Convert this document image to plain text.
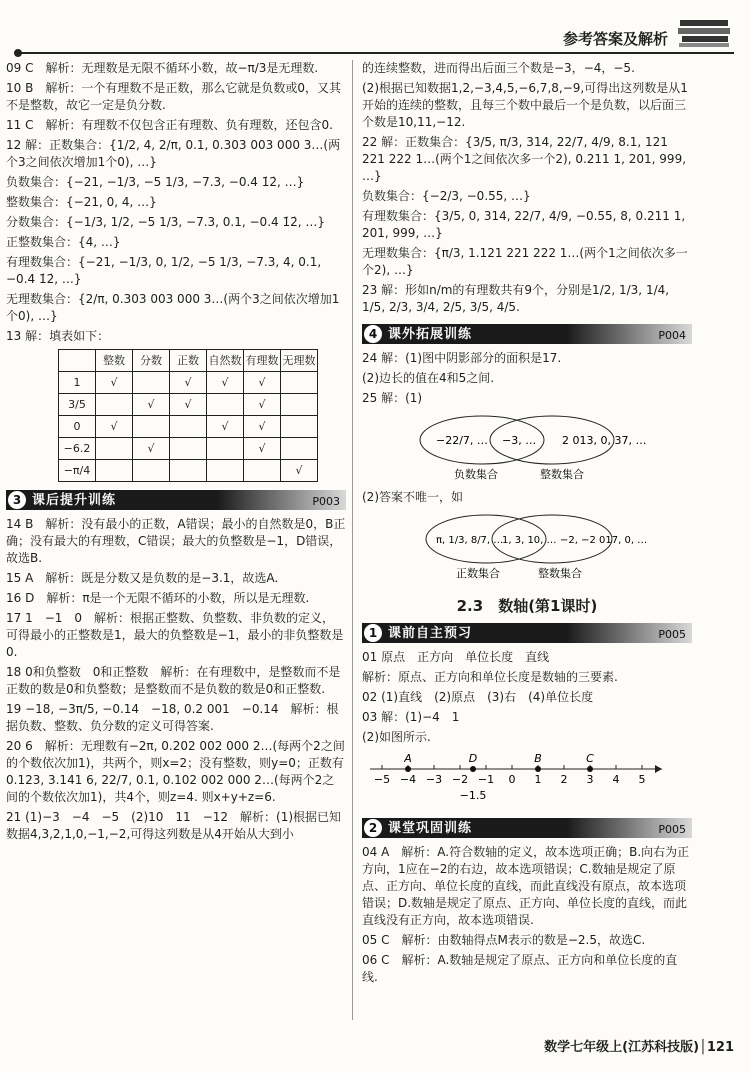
参考答案及解析

09 C　解析：无理数是无限不循环小数，故−π/3是无理数.

10 B　解析：一个有理数不是正数，那么它就是负数或0，又其不是整数，故它一定是负分数.

11 C　解析：有理数不仅包含正有理数、负有理数，还包含0.

12 解：正数集合：{1/2, 4, 2/π, 0.1, 0.303 003 000 3…(两个3之间依次增加1个0), …}

负数集合：{−21, −1/3, −5 1/3, −7.3, −0.4 1̇2̇, …}

整数集合：{−21, 0, 4, …}

分数集合：{−1/3, 1/2, −5 1/3, −7.3, 0.1, −0.4 1̇2̇, …}

正整数集合：{4, …}

有理数集合：{−21, −1/3, 0, 1/2, −5 1/3, −7.3, 4, 0.1, −0.4 1̇2̇, …}

无理数集合：{2/π, 0.303 003 000 3…(两个3之间依次增加1个0), …}

13 解：填表如下：

	整数	分数	正数	自然数	有理数	无理数
1	√		√	√	√	
3/5		√	√		√	
0	√			√	√	
−6.2		√			√	
−π/4						√
3 课后提升训练	P003

14 B　解析：没有最小的正数，A错误；最小的自然数是0，B正确；没有最大的有理数，C错误；最大的负整数是−1，D错误，故选B.

15 A　解析：既是分数又是负数的是−3.1，故选A.

16 D　解析：π是一个无限不循环的小数，所以是无理数.

17 1　−1　0　解析：根据正整数、负整数、非负数的定义，可得最小的正整数是1，最大的负整数是−1，最小的非负整数是0.

18 0和负整数　0和正整数　解析：在有理数中，是整数而不是正数的数是0和负整数；是整数而不是负数的数是0和正整数.

19 −18, −3π/5, −0.14　−18, 0.2 001　−0.14　解析：根据负数、整数、负分数的定义可得答案.

20 6　解析：无理数有−2π, 0.202 002 000 2…(每两个2之间的个数依次加1)，共两个，则x=2；没有整数，则y=0；正数有0.123, 3.141 6, 22/7, 0.1, 0.102 002 000 2…(每两个2之间的个数依次加1)，共4个，则z=4. 则x+y+z=6.

21 (1)−3　−4　−5　(2)10　11　−12　解析：(1)根据已知数据4,3,2,1,0,−1,−2,可得这列数是从4开始从大到小

的连续整数，进而得出后面三个数是−3，−4，−5.

(2)根据已知数据1,2,−3,4,5,−6,7,8,−9,可得出这列数是从1开始的连续的整数，且每三个数中最后一个是负数，以后面三个数是10,11,−12.

22 解：正数集合：{3/5, π/3, 314, 22/7, 4/9, 8.1, 121 221 222 1…(两个1之间依次多一个2), 0.211 1, 201, 999, …}

负数集合：{−2/3, −0.55, …}

有理数集合：{3/5, 0, 314, 22/7, 4/9, −0.55, 8, 0.211 1, 201, 999, …}

无理数集合：{π/3, 1.121 221 222 1…(两个1之间依次多一个2), …}

23 解：形如n/m的有理数共有9个，分别是1/2, 1/3, 1/4, 1/5, 2/3, 3/4, 2/5, 3/5, 4/5.

4 课外拓展训练	P004

24 解：(1)图中阴影部分的面积是17.

(2)边长的值在4和5之间.

25 解：(1)

−22/7, … −3, … 2 013, 0, 37, …
负数集合	整数集合

(2)答案不唯一，如

π, 1/3, 8/7, …
1, 3, 10, … −2, −2 017, 0, …
正数集合	整数集合
2.3　数轴(第1课时)
1 课前自主预习	P005

01 原点　正方向　单位长度　直线

解析：原点、正方向和单位长度是数轴的三要素.

02 (1)直线　(2)原点　(3)右　(4)单位长度

03 解：(1)−4　1

(2)如图所示.

−5 −4 −3 −2 −1 0 1 2 3 4 5
A	D	B	C
−1.5
2 课堂巩固训练	P005

04 A　解析：A.符合数轴的定义，故本选项正确；B.向右为正方向，1应在−2的右边，故本选项错误；C.数轴是规定了原点、正方向、单位长度的直线，而此直线没有原点，故本选项错误；D.数轴是规定了原点、正方向、单位长度的直线，而此直线没有正方向，故本选项错误.

05 C　解析：由数轴得点M表示的数是−2.5，故选C.

06 C　解析：A.数轴是规定了原点、正方向和单位长度的直线.

数学七年级上(江苏科技版)│121
